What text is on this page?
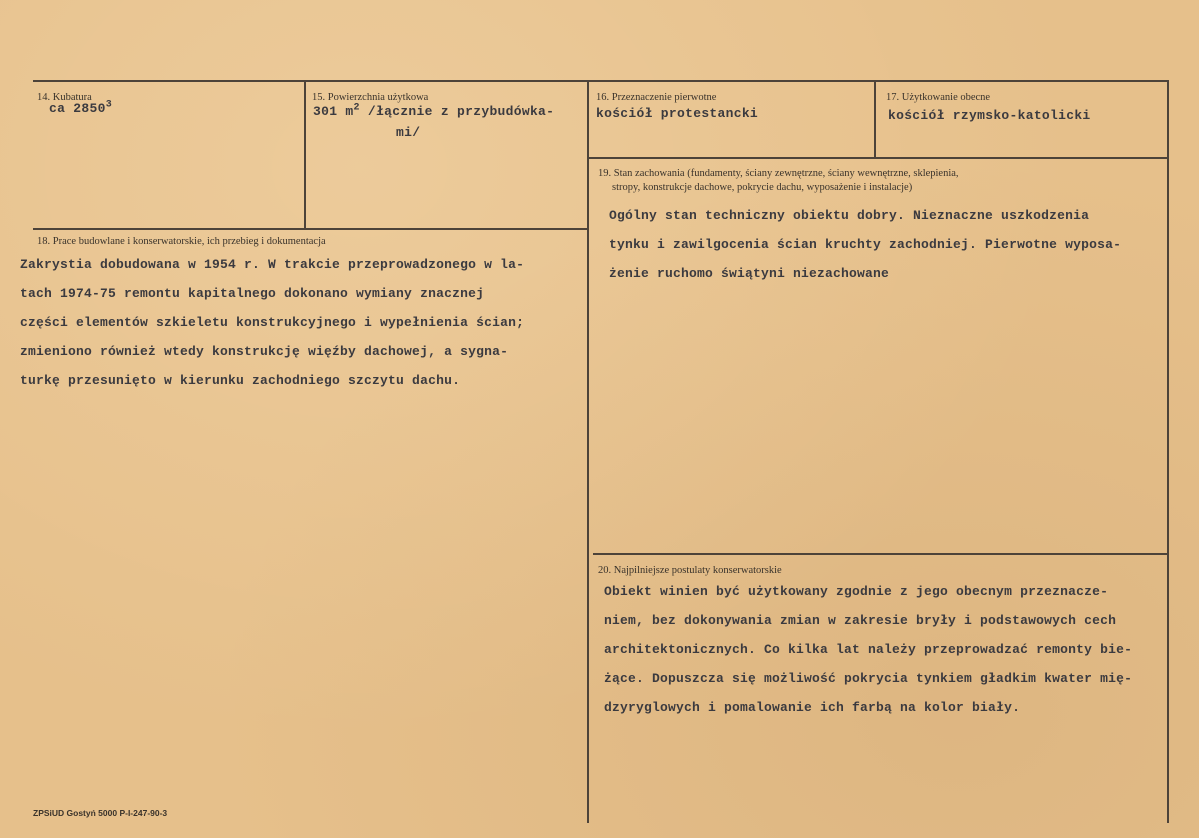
14. Kubatura
ca 2850$^3$
15. Powierzchnia użytkowa
301 $m^2$ /łącznie z przybudówka-
mi/
16. Przeznaczenie pierwotne
kościół protestancki
17. Użytkowanie obecne
kościół rzymsko-katolicki
18. Prace budowlane i konserwatorskie, ich przebieg i dokumentacja
Zakrystia dobudowana w 1954 r. W trakcie przeprowadzonego w la-
tach 1974-75 remontu kapitalnego dokonano wymiany znacznej
części elementów szkieletu konstrukcyjnego i wypełnienia ścian;
zmieniono również wtedy konstrukcję więźby dachowej, a sygna-
turkę przesunięto w kierunku zachodniego szczytu dachu.
19. Stan zachowania (fundamenty, ściany zewnętrzne, ściany wewnętrzne, sklepienia,
stropy, konstrukcje dachowe, pokrycie dachu, wyposażenie i instalacje)
Ogólny stan techniczny obiektu dobry. Nieznaczne uszkodzenia
tynku i zawilgocenia ścian kruchty zachodniej. Pierwotne wyposa-
żenie ruchomo świątyni niezachowane
20. Najpilniejsze postulaty konserwatorskie
Obiekt winien być użytkowany zgodnie z jego obecnym przeznacze-
niem, bez dokonywania zmian w zakresie bryły i podstawowych cech
architektonicznych. Co kilka lat należy przeprowadzać remonty bie-
żące. Dopuszcza się możliwość pokrycia tynkiem gładkim kwater mię-
dzyryglowych i pomalowanie ich farbą na kolor biały.
ZPSiUD Gostyń 5000 P-I-247-90-3
